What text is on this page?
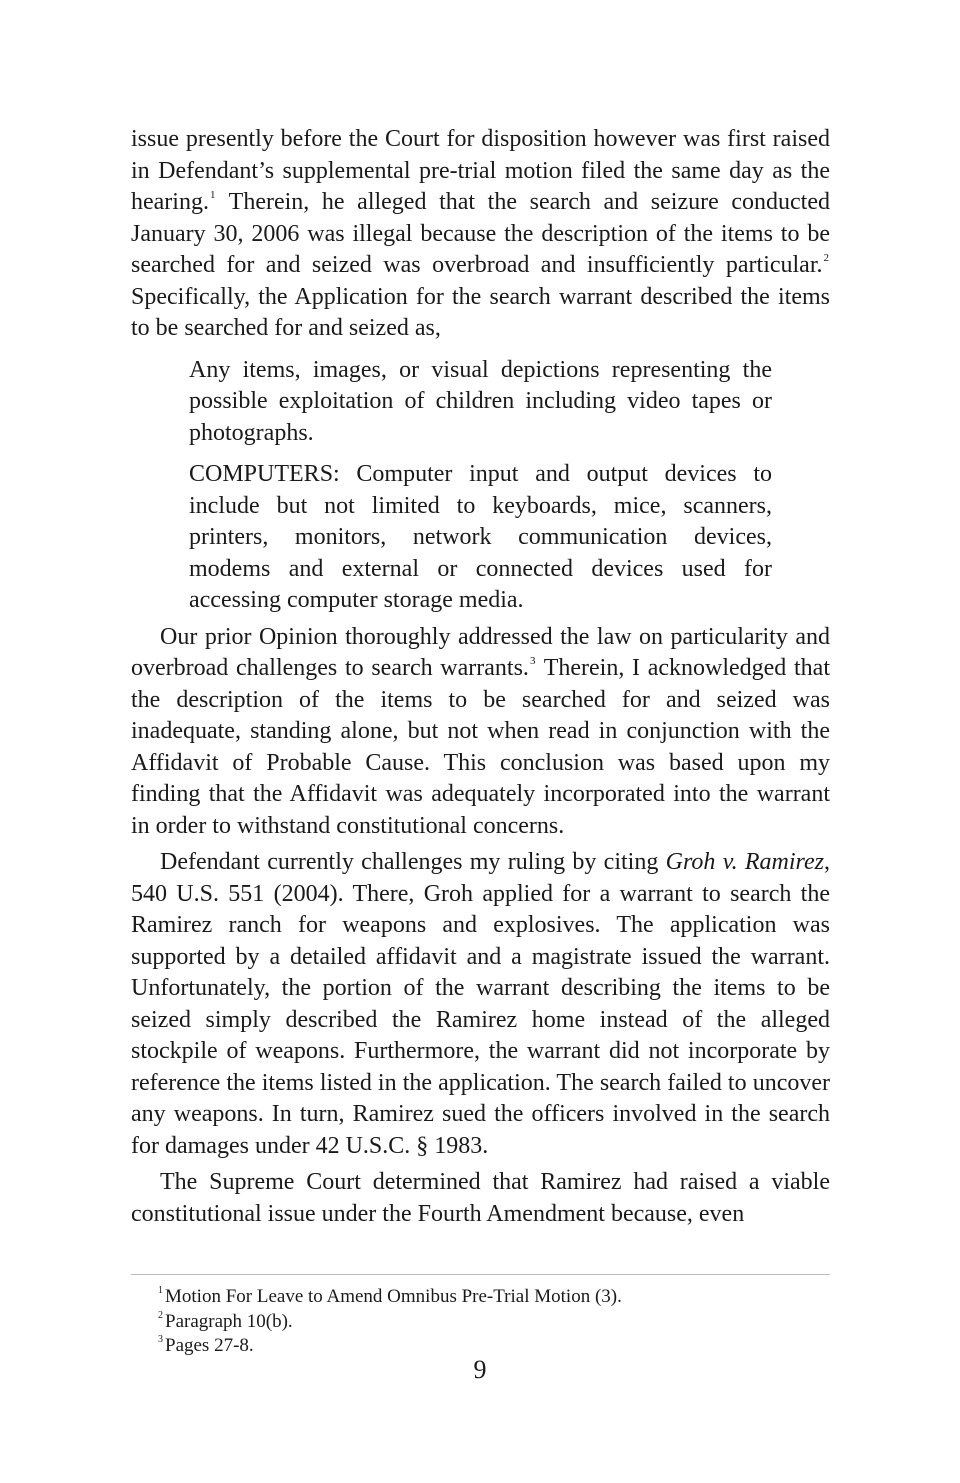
issue presently before the Court for disposition however was first raised in Defendant’s supplemental pre-trial motion filed the same day as the hearing.$^1$ Therein, he alleged that the search and seizure conducted January 30, 2006 was illegal because the description of the items to be searched for and seized was overbroad and insufficiently particular.$^2$ Specifically, the Application for the search warrant described the items to be searched for and seized as,

Any items, images, or visual depictions representing the possible exploitation of children including video tapes or photographs.

COMPUTERS: Computer input and output devices to include but not limited to keyboards, mice, scanners, printers, monitors, network communication devices, modems and external or connected devices used for accessing computer storage media.

Our prior Opinion thoroughly addressed the law on particularity and overbroad challenges to search warrants.$^3$ Therein, I acknowledged that the description of the items to be searched for and seized was inadequate, standing alone, but not when read in conjunction with the Affidavit of Probable Cause. This conclusion was based upon my finding that the Affidavit was adequately incorporated into the warrant in order to withstand constitutional concerns.

Defendant currently challenges my ruling by citing Groh v. Ramirez, 540 U.S. 551 (2004). There, Groh applied for a warrant to search the Ramirez ranch for weapons and explosives. The application was supported by a detailed affidavit and a magistrate issued the warrant. Unfortunately, the portion of the warrant describing the items to be seized simply described the Ramirez home instead of the alleged stockpile of weapons. Furthermore, the warrant did not incorporate by reference the items listed in the application. The search failed to uncover any weapons. In turn, Ramirez sued the officers involved in the search for damages under 42 U.S.C. § 1983.

The Supreme Court determined that Ramirez had raised a viable constitutional issue under the Fourth Amendment because, even

$^1$ Motion For Leave to Amend Omnibus Pre-Trial Motion (3).
$^2$ Paragraph 10(b).
$^3$ Pages 27-8.
9
